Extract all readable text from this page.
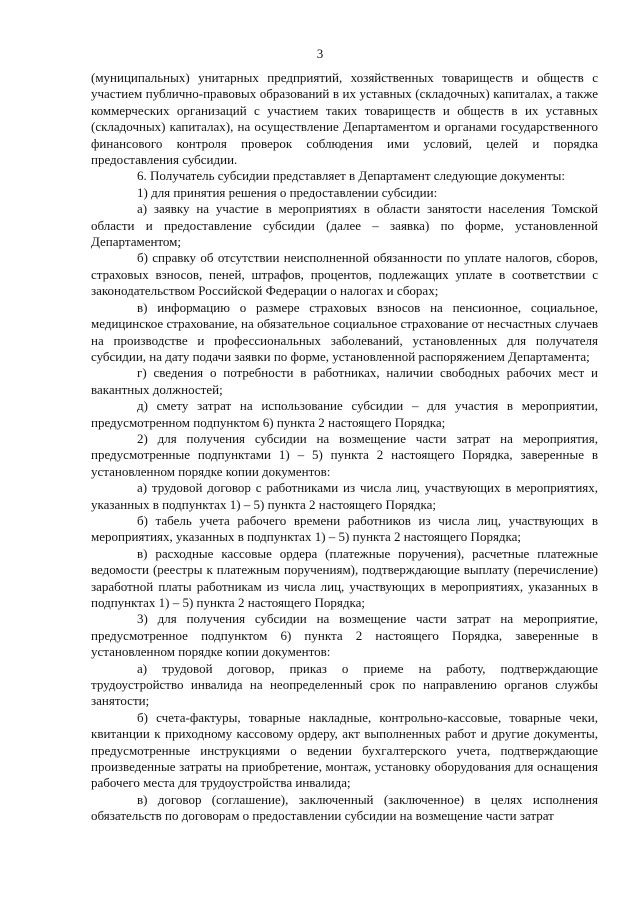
3

(муниципальных) унитарных предприятий, хозяйственных товариществ и обществ с участием публично-правовых образований в их уставных (складочных) капиталах, а также коммерческих организаций с участием таких товариществ и обществ в их уставных (складочных) капиталах), на осуществление Департаментом и органами государственного финансового контроля проверок соблюдения ими условий, целей и порядка предоставления субсидии.

6. Получатель субсидии представляет в Департамент следующие документы:

1) для принятия решения о предоставлении субсидии:

а) заявку на участие в мероприятиях в области занятости населения Томской области и предоставление субсидии (далее – заявка) по форме, установленной Департаментом;

б) справку об отсутствии неисполненной обязанности по уплате налогов, сборов, страховых взносов, пеней, штрафов, процентов, подлежащих уплате в соответствии с законодательством Российской Федерации о налогах и сборах;

в) информацию о размере страховых взносов на пенсионное, социальное, медицинское страхование, на обязательное социальное страхование от несчастных случаев на производстве и профессиональных заболеваний, установленных для получателя субсидии, на дату подачи заявки по форме, установленной распоряжением Департамента;

г) сведения о потребности в работниках, наличии свободных рабочих мест и вакантных должностей;

д) смету затрат на использование субсидии – для участия в мероприятии, предусмотренном подпунктом 6) пункта 2 настоящего Порядка;

2) для получения субсидии на возмещение части затрат на мероприятия, предусмотренные подпунктами 1) – 5) пункта 2 настоящего Порядка, заверенные в установленном порядке копии документов:

а) трудовой договор с работниками из числа лиц, участвующих в мероприятиях, указанных в подпунктах 1) – 5) пункта 2 настоящего Порядка;

б) табель учета рабочего времени работников из числа лиц, участвующих в мероприятиях, указанных в подпунктах 1) – 5) пункта 2 настоящего Порядка;

в) расходные кассовые ордера (платежные поручения), расчетные платежные ведомости (реестры к платежным поручениям), подтверждающие выплату (перечисление) заработной платы работникам из числа лиц, участвующих в мероприятиях, указанных в подпунктах 1) – 5) пункта 2 настоящего Порядка;

3) для получения субсидии на возмещение части затрат на мероприятие, предусмотренное подпунктом 6) пункта 2 настоящего Порядка, заверенные в установленном порядке копии документов:

а) трудовой договор, приказ о приеме на работу, подтверждающие трудоустройство инвалида на неопределенный срок по направлению органов службы занятости;

б) счета-фактуры, товарные накладные, контрольно-кассовые, товарные чеки, квитанции к приходному кассовому ордеру, акт выполненных работ и другие документы, предусмотренные инструкциями о ведении бухгалтерского учета, подтверждающие произведенные затраты на приобретение, монтаж, установку оборудования для оснащения рабочего места для трудоустройства инвалида;

в) договор (соглашение), заключенный (заключенное) в целях исполнения обязательств по договорам о предоставлении субсидии на возмещение части затрат
